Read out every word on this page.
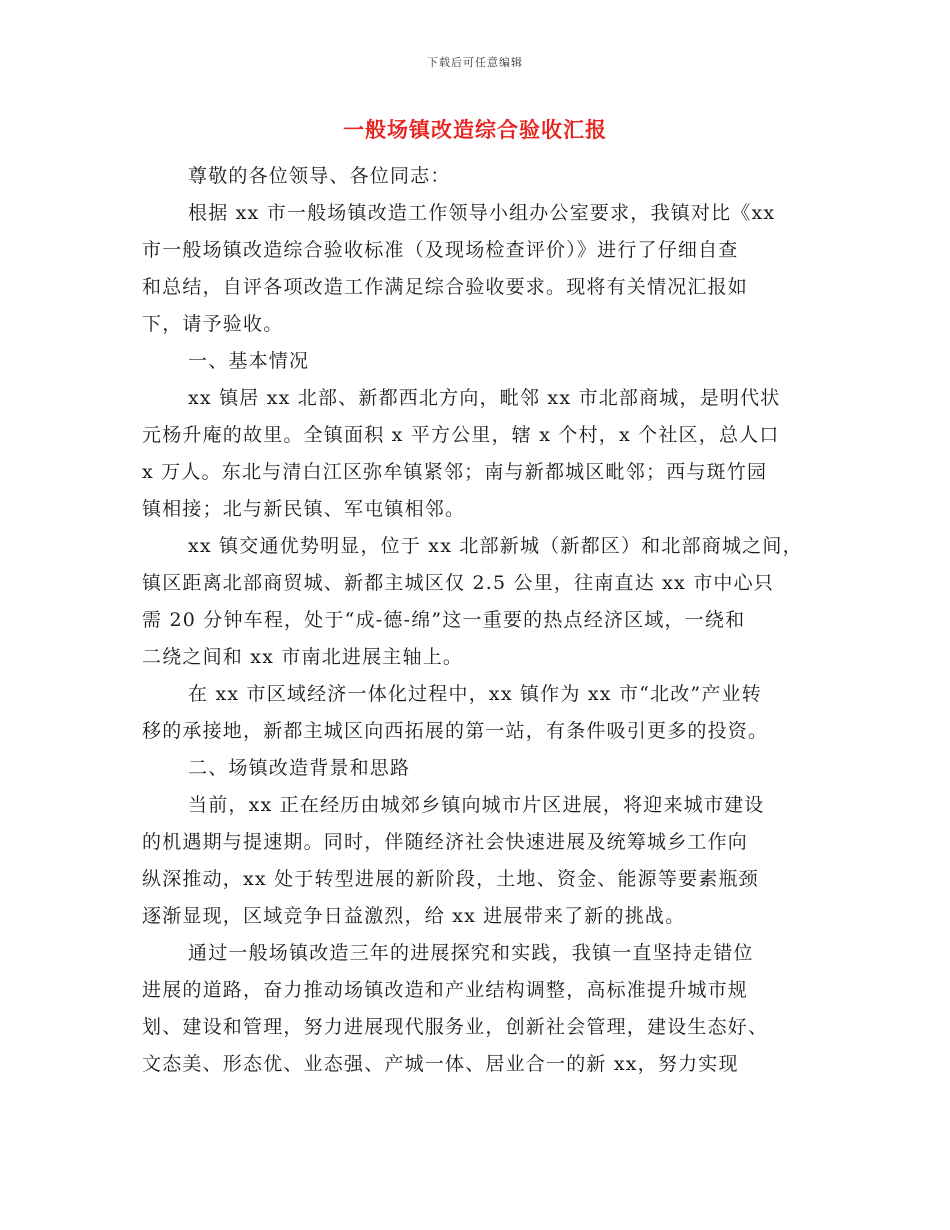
下载后可任意编辑
一般场镇改造综合验收汇报
尊敬的各位领导、各位同志：
根据 xx 市一般场镇改造工作领导小组办公室要求，我镇对比《xx
市一般场镇改造综合验收标准（及现场检查评价）》进行了仔细自查
和总结，自评各项改造工作满足综合验收要求。现将有关情况汇报如
下，请予验收。
一、基本情况
xx 镇居 xx 北部、新都西北方向，毗邻 xx 市北部商城，是明代状
元杨升庵的故里。全镇面积 x 平方公里，辖 x 个村，x 个社区，总人口
x 万人。东北与清白江区弥牟镇紧邻；南与新都城区毗邻；西与斑竹园
镇相接；北与新民镇、军屯镇相邻。
xx 镇交通优势明显，位于 xx 北部新城（新都区）和北部商城之间，
镇区距离北部商贸城、新都主城区仅 2.5 公里，往南直达 xx 市中心只
需 20 分钟车程，处于“成-德-绵”这一重要的热点经济区域，一绕和
二绕之间和 xx 市南北进展主轴上。
在 xx 市区域经济一体化过程中，xx 镇作为 xx 市“北改”产业转
移的承接地，新都主城区向西拓展的第一站，有条件吸引更多的投资。
二、场镇改造背景和思路
当前，xx 正在经历由城郊乡镇向城市片区进展，将迎来城市建设
的机遇期与提速期。同时，伴随经济社会快速进展及统筹城乡工作向
纵深推动，xx 处于转型进展的新阶段，土地、资金、能源等要素瓶颈
逐渐显现，区域竞争日益激烈，给 xx 进展带来了新的挑战。
通过一般场镇改造三年的进展探究和实践，我镇一直坚持走错位
进展的道路，奋力推动场镇改造和产业结构调整，高标准提升城市规
划、建设和管理，努力进展现代服务业，创新社会管理，建设生态好、
文态美、形态优、业态强、产城一体、居业合一的新 xx，努力实现
